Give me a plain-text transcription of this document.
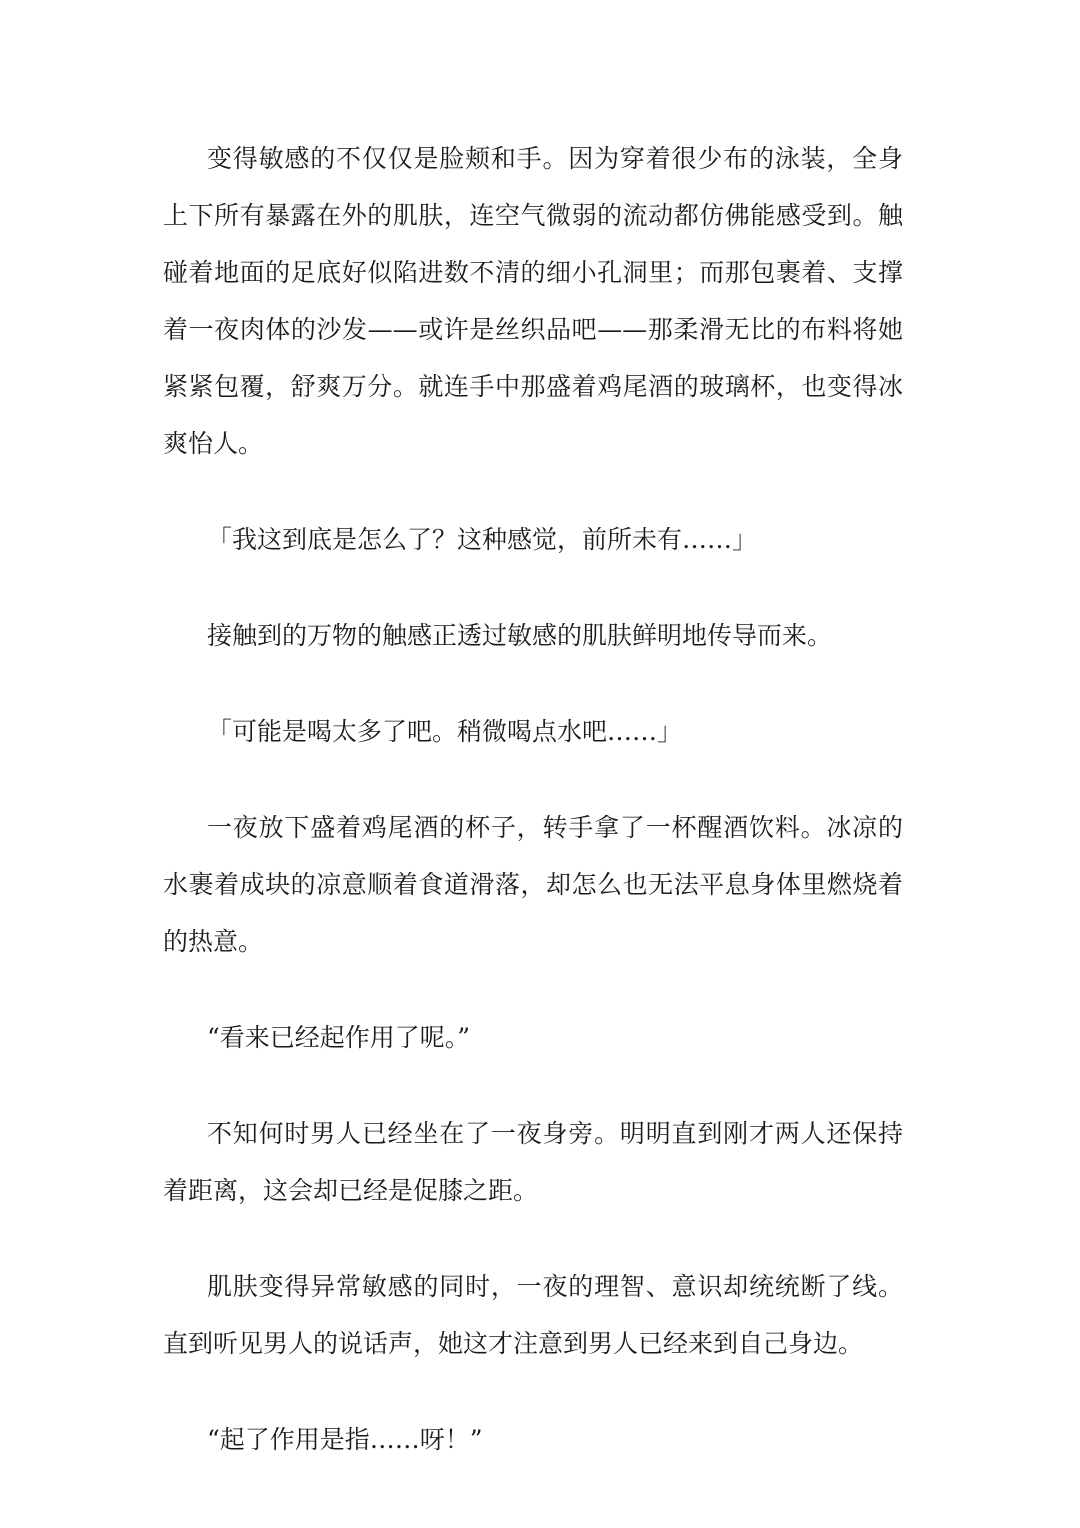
变得敏感的不仅仅是脸颊和手。因为穿着很少布的泳装，全身上下所有暴露在外的肌肤，连空气微弱的流动都仿佛能感受到。触碰着地面的足底好似陷进数不清的细小孔洞里；而那包裹着、支撑着一夜肉体的沙发——或许是丝织品吧——那柔滑无比的布料将她紧紧包覆，舒爽万分。就连手中那盛着鸡尾酒的玻璃杯，也变得冰爽怡人。

「我这到底是怎么了？这种感觉，前所未有……」

接触到的万物的触感正透过敏感的肌肤鲜明地传导而来。

「可能是喝太多了吧。稍微喝点水吧……」

一夜放下盛着鸡尾酒的杯子，转手拿了一杯醒酒饮料。冰凉的水裹着成块的凉意顺着食道滑落，却怎么也无法平息身体里燃烧着的热意。

“看来已经起作用了呢。”

不知何时男人已经坐在了一夜身旁。明明直到刚才两人还保持着距离，这会却已经是促膝之距。

肌肤变得异常敏感的同时，一夜的理智、意识却统统断了线。直到听见男人的说话声，她这才注意到男人已经来到自己身边。

“起了作用是指……呀！”
